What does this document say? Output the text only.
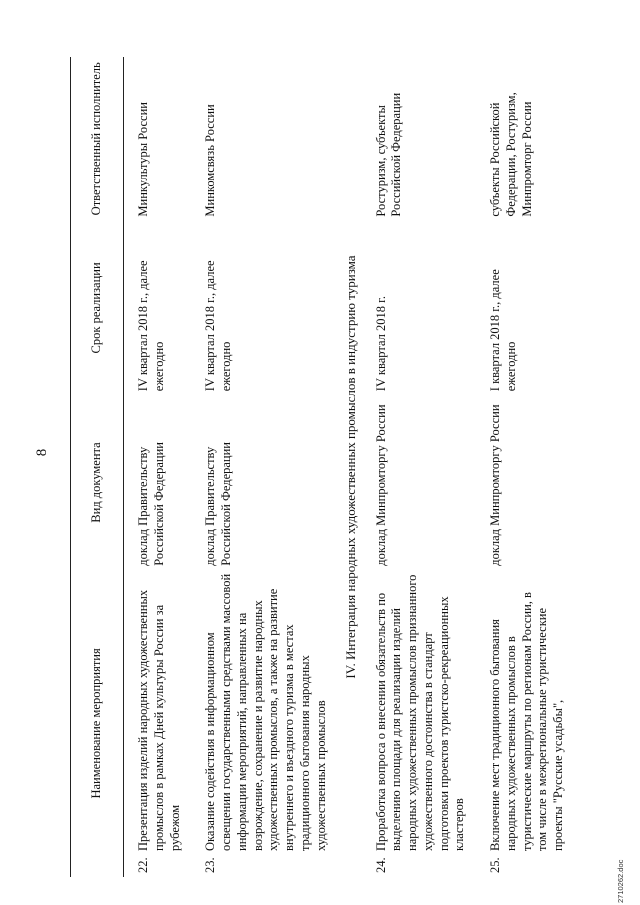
8
Наименование мероприятия	Вид документа	Срок реализации	Ответственный исполнитель

22.
Презентация изделий народных художественных промыслов в рамках Дней культуры России за рубежом	доклад Правительству Российской Федерации	IV квартал 2018 г., далее ежегодно	Минкультуры России

23.
Оказание содействия в информационном освещении государственными средствами массовой информации мероприятий, направленных на возрождение, сохранение и развитие народных художественных промыслов, а также на развитие внутреннего и въездного туризма в местах традиционного бытования народных художественных промыслов	доклад Правительству Российской Федерации	IV квартал 2018 г., далее ежегодно	Минкомсвязь России
IV. Интеграция народных художественных промыслов в индустрию туризма			

24.
Проработка вопроса о внесении обязательств по выделению площади для реализации изделий народных художественных промыслов признанного художественного достоинства в стандарт подготовки проектов туристско-рекреационных кластеров	доклад Минпромторгу России	IV квартал 2018 г.	Ростуризм, субъекты Российской Федерации

25.
Включение мест традиционного бытования народных художественных промыслов в туристические маршруты по регионам России, в том числе в межрегиональные туристические проекты "Русские усадьбы",	доклад Минпромторгу России	I квартал 2018 г., далее ежегодно	субъекты Российской Федерации, Ростуризм, Минпромторг России
2710262.doc
